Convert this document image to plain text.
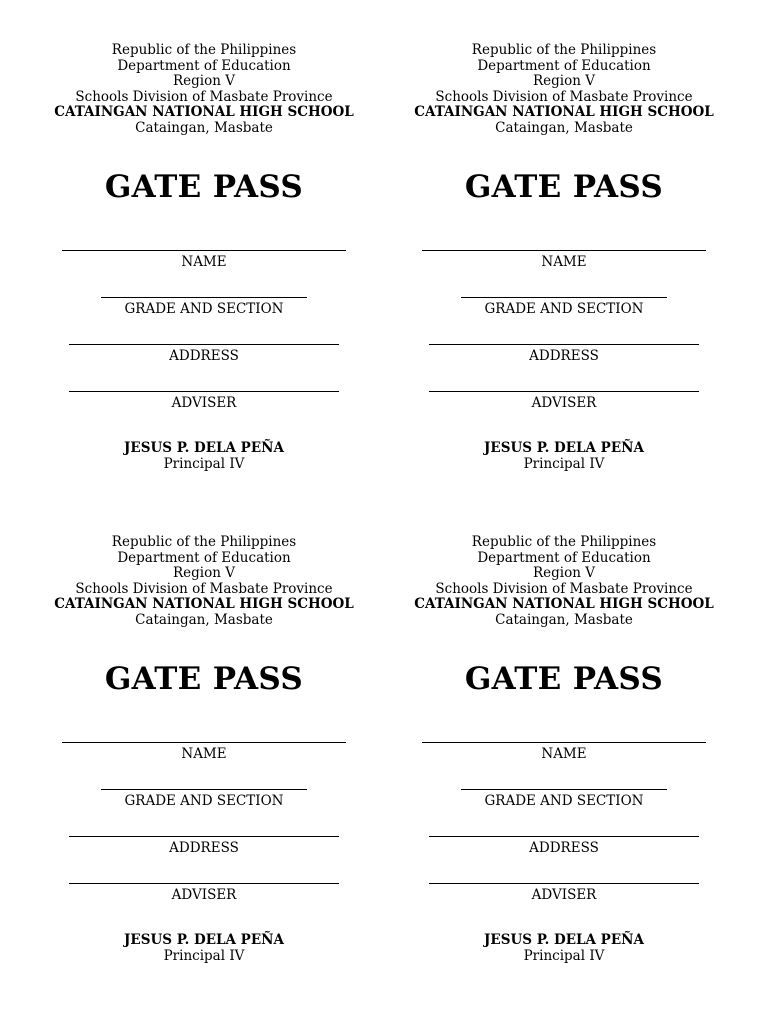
Republic of the Philippines
Department of Education
Region V
Schools Division of Masbate Province
CATAINGAN NATIONAL HIGH SCHOOL
Cataingan, Masbate
GATE PASS
NAME
GRADE AND SECTION
ADDRESS
ADVISER
JESUS P. DELA PEÑA
Principal IV
Republic of the Philippines
Department of Education
Region V
Schools Division of Masbate Province
CATAINGAN NATIONAL HIGH SCHOOL
Cataingan, Masbate
GATE PASS
NAME
GRADE AND SECTION
ADDRESS
ADVISER
JESUS P. DELA PEÑA
Principal IV
Republic of the Philippines
Department of Education
Region V
Schools Division of Masbate Province
CATAINGAN NATIONAL HIGH SCHOOL
Cataingan, Masbate
GATE PASS
NAME
GRADE AND SECTION
ADDRESS
ADVISER
JESUS P. DELA PEÑA
Principal IV
Republic of the Philippines
Department of Education
Region V
Schools Division of Masbate Province
CATAINGAN NATIONAL HIGH SCHOOL
Cataingan, Masbate
GATE PASS
NAME
GRADE AND SECTION
ADDRESS
ADVISER
JESUS P. DELA PEÑA
Principal IV
